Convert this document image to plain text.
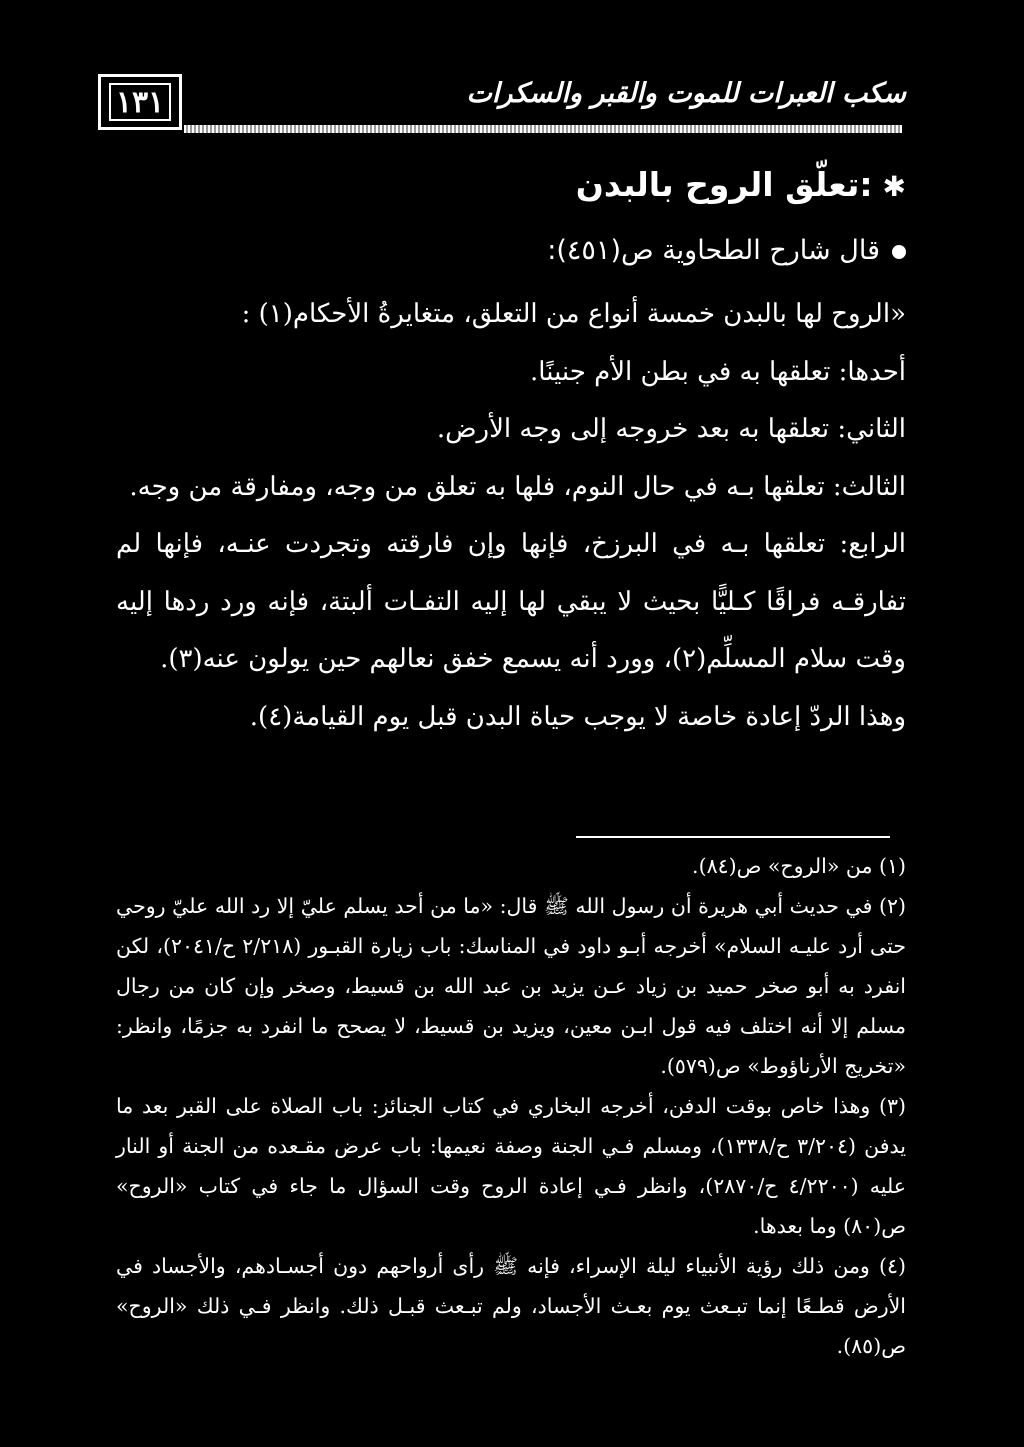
١٣١	سكب العبرات للموت والقبر والسكرات
✱:تعلّق الروح بالبدن
قال شارح الطحاوية ص(٤٥١):

«الروح لها بالبدن خمسة أنواع من التعلق، متغايرةُ الأحكام(١) :

أحدها: تعلقها به في بطن الأم جنينًا.

الثاني: تعلقها به بعد خروجه إلى وجه الأرض.

الثالث: تعلقها بـه في حال النوم، فلها به تعلق من وجه، ومفارقة من وجه.

الرابع: تعلقها بـه في البرزخ، فإنها وإن فارقته وتجردت عنـه، فإنها لم تفارقـه فراقًا كـليًّا بحيث لا يبقي لها إليه التفـات ألبتة، فإنه ورد ردها إليه وقت سلام المسلِّم(٢)، وورد أنه يسمع خفق نعالهم حين يولون عنه(٣).

وهذا الردّ إعادة خاصة لا يوجب حياة البدن قبل يوم القيامة(٤).

(١) من «الروح» ص(٨٤).

(٢) في حديث أبي هريرة أن رسول الله ﷺ قال: «ما من أحد يسلم عليّ إلا رد الله عليّ روحي حتى أرد عليـه السلام» أخرجه أبـو داود في المناسك: باب زيارة القبـور (٢/٢١٨ ح/٢٠٤١)، لكن انفرد به أبو صخر حميد بن زياد عـن يزيد بن عبد الله بن قسيط، وصخر وإن كان من رجال مسلم إلا أنه اختلف فيه قول ابـن معين، ويزيد بن قسيط، لا يصحح ما انفرد به جزمًا، وانظر: «تخريج الأرناؤوط» ص(٥٧٩).

(٣) وهذا خاص بوقت الدفن، أخرجه البخاري في كتاب الجنائز: باب الصلاة على القبر بعد ما يدفن (٣/٢٠٤ ح/١٣٣٨)، ومسلم فـي الجنة وصفة نعيمها: باب عرض مقـعده من الجنة أو النار عليه (٤/٢٢٠٠ ح/٢٨٧٠)، وانظر فـي إعادة الروح وقت السؤال ما جاء في كتاب «الروح» ص(٨٠) وما بعدها.

(٤) ومن ذلك رؤية الأنبياء ليلة الإسراء، فإنه ﷺ رأى أرواحهم دون أجسـادهم، والأجساد في الأرض قطـعًا إنما تبـعث يوم بعـث الأجساد، ولم تبـعث قبـل ذلك. وانظر فـي ذلك «الروح» ص(٨٥).
